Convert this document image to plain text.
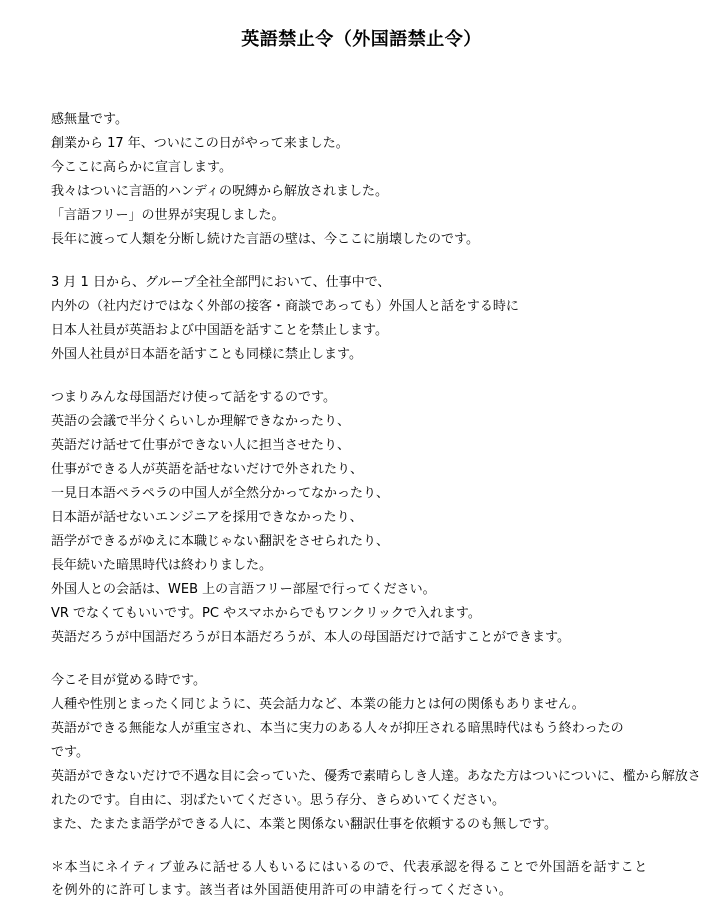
英語禁止令（外国語禁止令）
感無量です。
創業から 17 年、ついにこの日がやって来ました。
今ここに高らかに宣言します。
我々はついに言語的ハンディの呪縛から解放されました。
「言語フリー」の世界が実現しました。
長年に渡って人類を分断し続けた言語の壁は、今ここに崩壊したのです。
3 月 1 日から、グループ全社全部門において、仕事中で、
内外の（社内だけではなく外部の接客・商談であっても）外国人と話をする時に
日本人社員が英語および中国語を話すことを禁止します。
外国人社員が日本語を話すことも同様に禁止します。
つまりみんな母国語だけ使って話をするのです。
英語の会議で半分くらいしか理解できなかったり、
英語だけ話せて仕事ができない人に担当させたり、
仕事ができる人が英語を話せないだけで外されたり、
一見日本語ペラペラの中国人が全然分かってなかったり、
日本語が話せないエンジニアを採用できなかったり、
語学ができるがゆえに本職じゃない翻訳をさせられたり、
長年続いた暗黒時代は終わりました。
外国人との会話は、WEB 上の言語フリー部屋で行ってください。
VR でなくてもいいです。PC やスマホからでもワンクリックで入れます。
英語だろうが中国語だろうが日本語だろうが、本人の母国語だけで話すことができます。
今こそ目が覚める時です。
人種や性別とまったく同じように、英会話力など、本業の能力とは何の関係もありません。
英語ができる無能な人が重宝され、本当に実力のある人々が抑圧される暗黒時代はもう終わったの
です。
英語ができないだけで不遇な目に会っていた、優秀で素晴らしき人達。あなた方はついについに、檻から解放さ
れたのです。自由に、羽ばたいてください。思う存分、きらめいてください。
また、たまたま語学ができる人に、本業と関係ない翻訳仕事を依頼するのも無しです。
＊本当にネイティブ並みに話せる人もいるにはいるので、代表承認を得ることで外国語を話すこと
を例外的に許可します。該当者は外国語使用許可の申請を行ってください。
